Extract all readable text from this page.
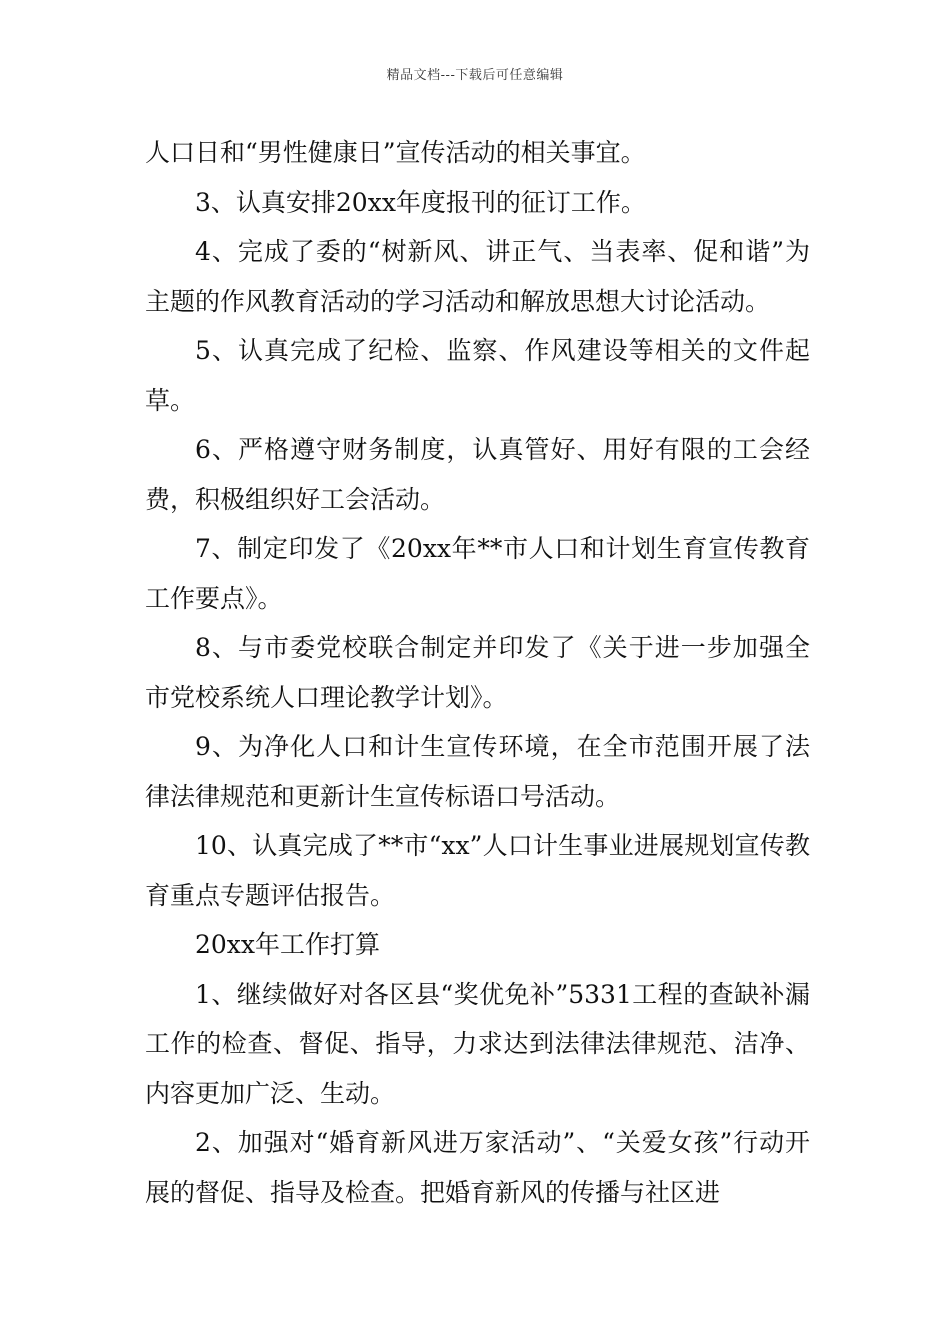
精品文档---下载后可任意编辑

人口日和“男性健康日”宣传活动的相关事宜。

3、认真安排20xx年度报刊的征订工作。

4、完成了委的“树新风、讲正气、当表率、促和谐”为主题的作风教育活动的学习活动和解放思想大讨论活动。

5、认真完成了纪检、监察、作风建设等相关的文件起草。

6、严格遵守财务制度，认真管好、用好有限的工会经费，积极组织好工会活动。

7、制定印发了《20xx年**市人口和计划生育宣传教育工作要点》。

8、与市委党校联合制定并印发了《关于进一步加强全市党校系统人口理论教学计划》。

9、为净化人口和计生宣传环境，在全市范围开展了法律法律规范和更新计生宣传标语口号活动。

10、认真完成了**市“xx”人口计生事业进展规划宣传教育重点专题评估报告。

20xx年工作打算

1、继续做好对各区县“奖优免补”5331工程的查缺补漏工作的检查、督促、指导，力求达到法律法律规范、洁净、内容更加广泛、生动。

2、加强对“婚育新风进万家活动”、“关爱女孩”行动开展的督促、指导及检查。把婚育新风的传播与社区进
